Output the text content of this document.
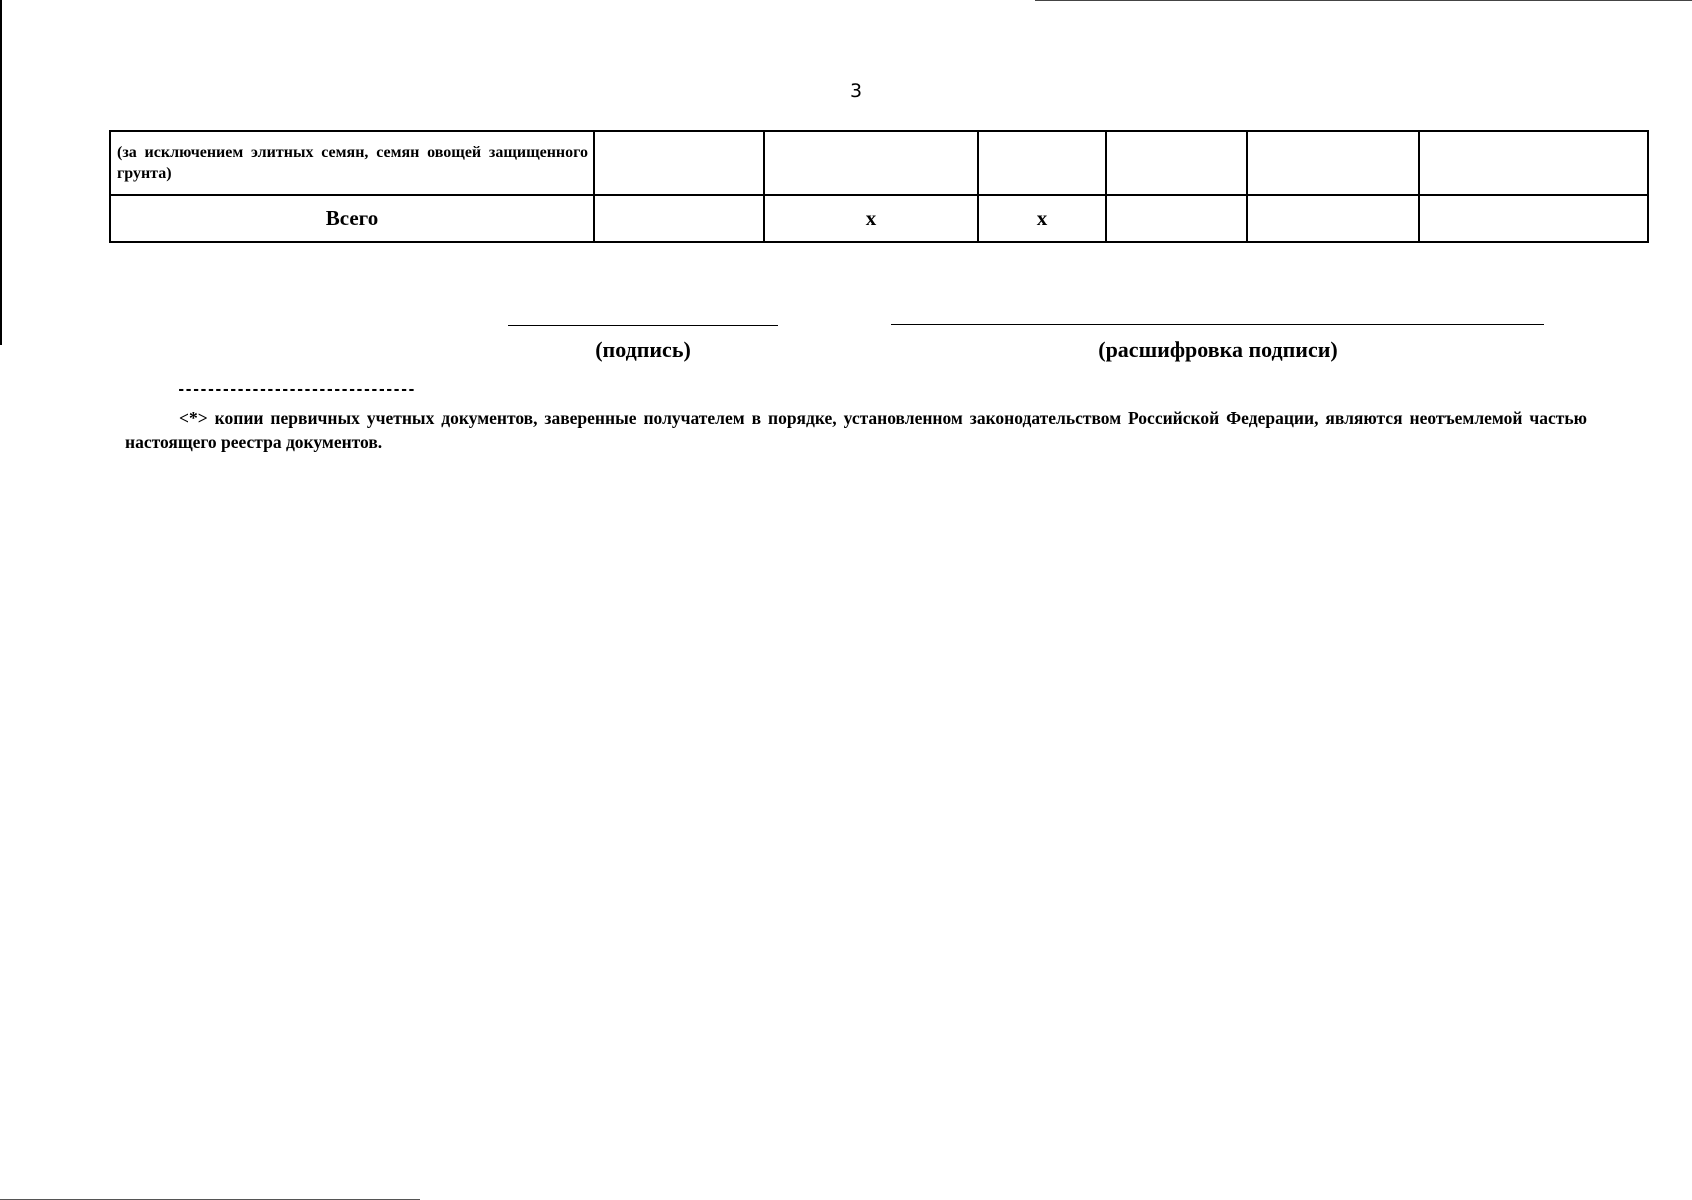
3
(за исключением элитных семян, семян овощей защищенного грунта)						

Всего		х	х			

(подпись)	(расшифровка подписи)
--------------------------------
<*> копии первичных учетных документов, заверенные получателем в порядке, установленном законодательством Российской Федерации, являются неотъемлемой частью настоящего реестра документов.
